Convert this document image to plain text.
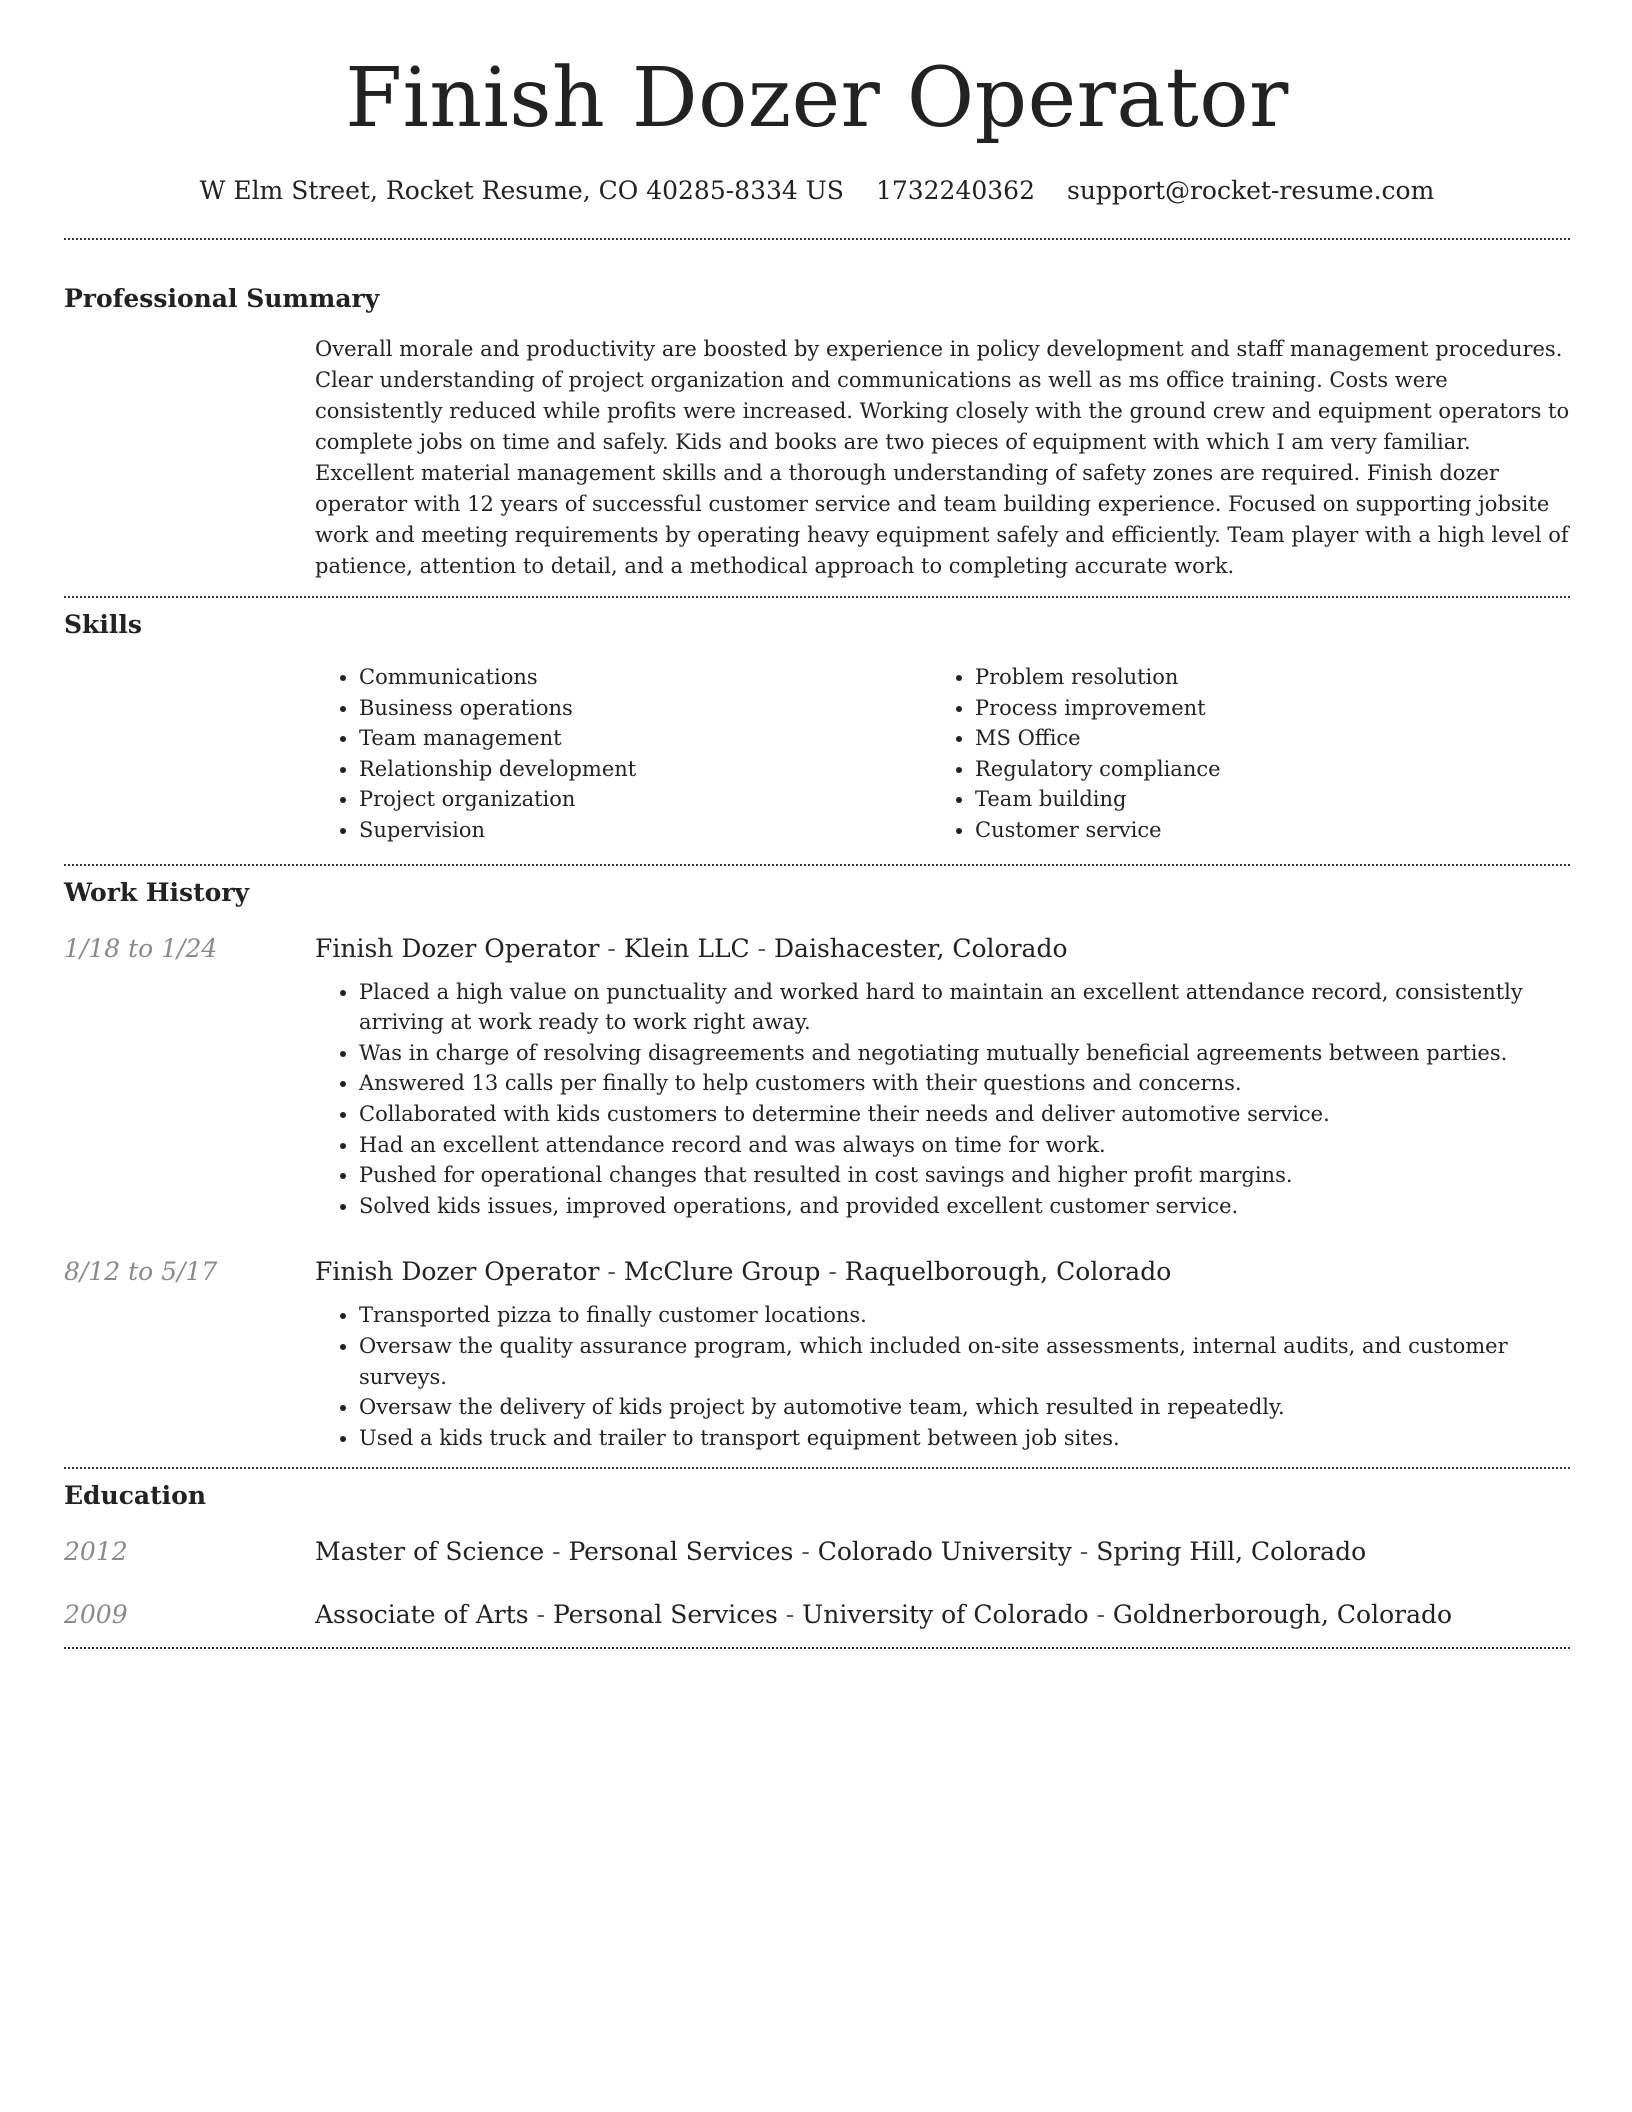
Finish Dozer Operator
W Elm Street, Rocket Resume, CO 40285-8334 US 1732240362 support@rocket-resume.com
Professional Summary

Overall morale and productivity are boosted by experience in policy development and staff management procedures. Clear understanding of project organization and communications as well as ms office training. Costs were consistently reduced while profits were increased. Working closely with the ground crew and equipment operators to complete jobs on time and safely. Kids and books are two pieces of equipment with which I am very familiar. Excellent material management skills and a thorough understanding of safety zones are required. Finish dozer operator with 12 years of successful customer service and team building experience. Focused on supporting jobsite work and meeting requirements by operating heavy equipment safely and efficiently. Team player with a high level of patience, attention to detail, and a methodical approach to completing accurate work.

Skills
• Communications
• Business operations
• Team management
• Relationship development
• Project organization
• Supervision
• Problem resolution
• Process improvement
• MS Office
• Regulatory compliance
• Team building
• Customer service
Work History
1/18 to 1/24	Finish Dozer Operator - Klein LLC - Daishacester, Colorado
• Placed a high value on punctuality and worked hard to maintain an excellent attendance record, consistently arriving at work ready to work right away.
• Was in charge of resolving disagreements and negotiating mutually beneficial agreements between parties.
• Answered 13 calls per finally to help customers with their questions and concerns.
• Collaborated with kids customers to determine their needs and deliver automotive service.
• Had an excellent attendance record and was always on time for work.
• Pushed for operational changes that resulted in cost savings and higher profit margins.
• Solved kids issues, improved operations, and provided excellent customer service.
8/12 to 5/17	Finish Dozer Operator - McClure Group - Raquelborough, Colorado
• Transported pizza to finally customer locations.
• Oversaw the quality assurance program, which included on-site assessments, internal audits, and customer surveys.
• Oversaw the delivery of kids project by automotive team, which resulted in repeatedly.
• Used a kids truck and trailer to transport equipment between job sites.
Education
2012	Master of Science - Personal Services - Colorado University - Spring Hill, Colorado
2009	Associate of Arts - Personal Services - University of Colorado - Goldnerborough, Colorado
